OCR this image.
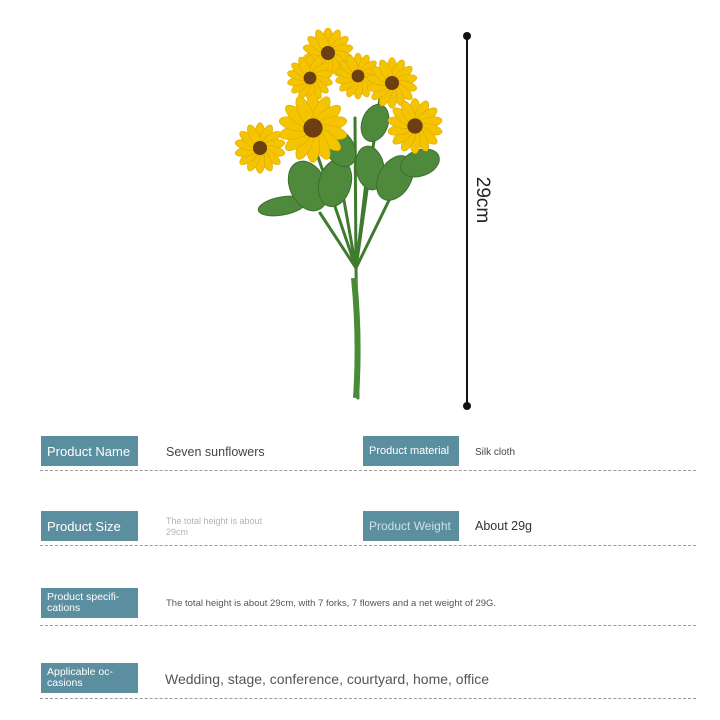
29cm
Product Name	Seven sunflowers	Product material	Silk cloth
Product Size	The total height is about 29cm	Product Weight	About 29g
Product specifi-
cations	The total height is about 29cm, with 7 forks, 7 flowers and a net weight of 29G.
Applicable oc-
casions	Wedding, stage, conference, courtyard, home, office
